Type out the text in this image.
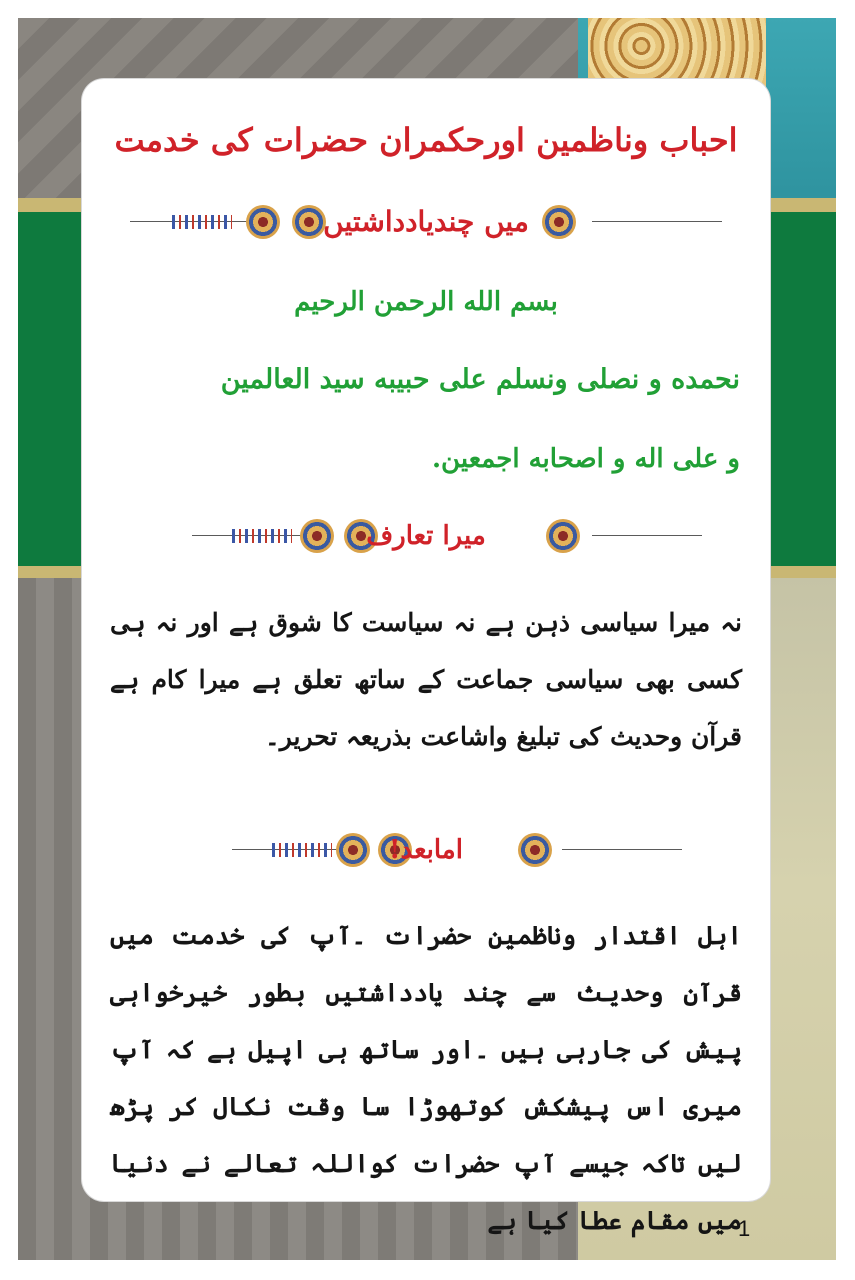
احباب وناظمین اورحکمران حضرات کی خدمت
میں چندیادداشتیں
بسم الله الرحمن الرحيم
نحمده و نصلی ونسلم علی حبیبه سید العالمین
و علی اله و اصحابه اجمعین.
میرا تعارف
نہ میرا سیاسی ذہن ہے نہ سیاست کا شوق ہے اور نہ ہی کسی بھی سیاسی جماعت کے ساتھ تعلق ہے میرا کام ہے قرآن وحدیث کی تبلیغ واشاعت بذریعہ تحریر۔
امابعد!
اہل اقتدار وناظمین حضرات ۔آپ کی خدمت میں قرآن وحدیث سے چند یادداشتیں بطور خیرخواہی پیش کی جارہی ہیں ۔اور ساتھ ہی اپیل ہے کہ آپ میری اس پیشکش کوتھوڑا سا وقت نکال کر پڑھ لیں تاکہ جیسے آپ حضرات کواللہ تعالے نے دنیا میں مقام عطا کیا ہے
1
